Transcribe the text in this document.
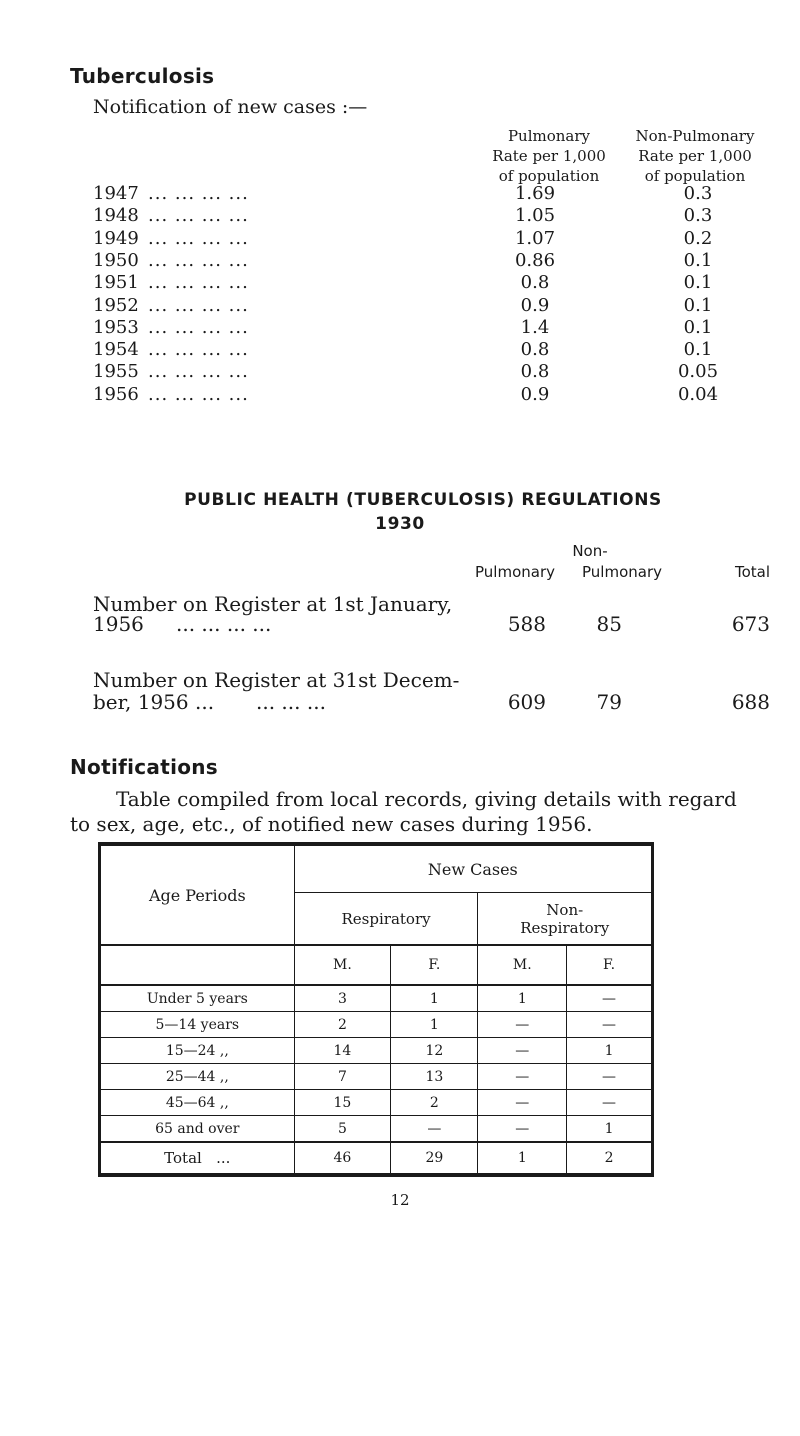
Tuberculosis
Notification of new cases :—
Pulmonary
Rate per 1,000
of population
Non-Pulmonary
Rate per 1,000
of population
1947 ... ... ... ...	1.69	0.3
1948 ... ... ... ...	1.05	0.3
1949 ... ... ... ...	1.07	0.2
1950 ... ... ... ...	0.86	0.1
1951 ... ... ... ...	0.8	0.1
1952 ... ... ... ...	0.9	0.1
1953 ... ... ... ...	1.4	0.1
1954 ... ... ... ...	0.8	0.1
1955 ... ... ... ...	0.8	0.05
1956 ... ... ... ...	0.9	0.04
PUBLIC HEALTH (TUBERCULOSIS) REGULATIONS
1930
Non-
Pulmonary	Pulmonary	Total
Number on Register at 1st January,
1956 ... ... ... ...	588	85	673
Number on Register at 31st Decem-
ber, 1956 ... ... ... ...	609	79	688
Notifications
Table compiled from local records, giving details with regard
to sex, age, etc., of notified new cases during 1956.
Age Periods	New Cases			
	Respiratory		Non-
Respiratory	

	M.	F.	M.	F.
Under 5 years	3	1	1	—
5—14 years	2	1	—	—
15—24 ,,	14	12	—	1
25—44 ,,	7	13	—	—
45—64 ,,	15	2	—	—
65 and over	5	—	—	1
Total ...	46	29	1	2
12
